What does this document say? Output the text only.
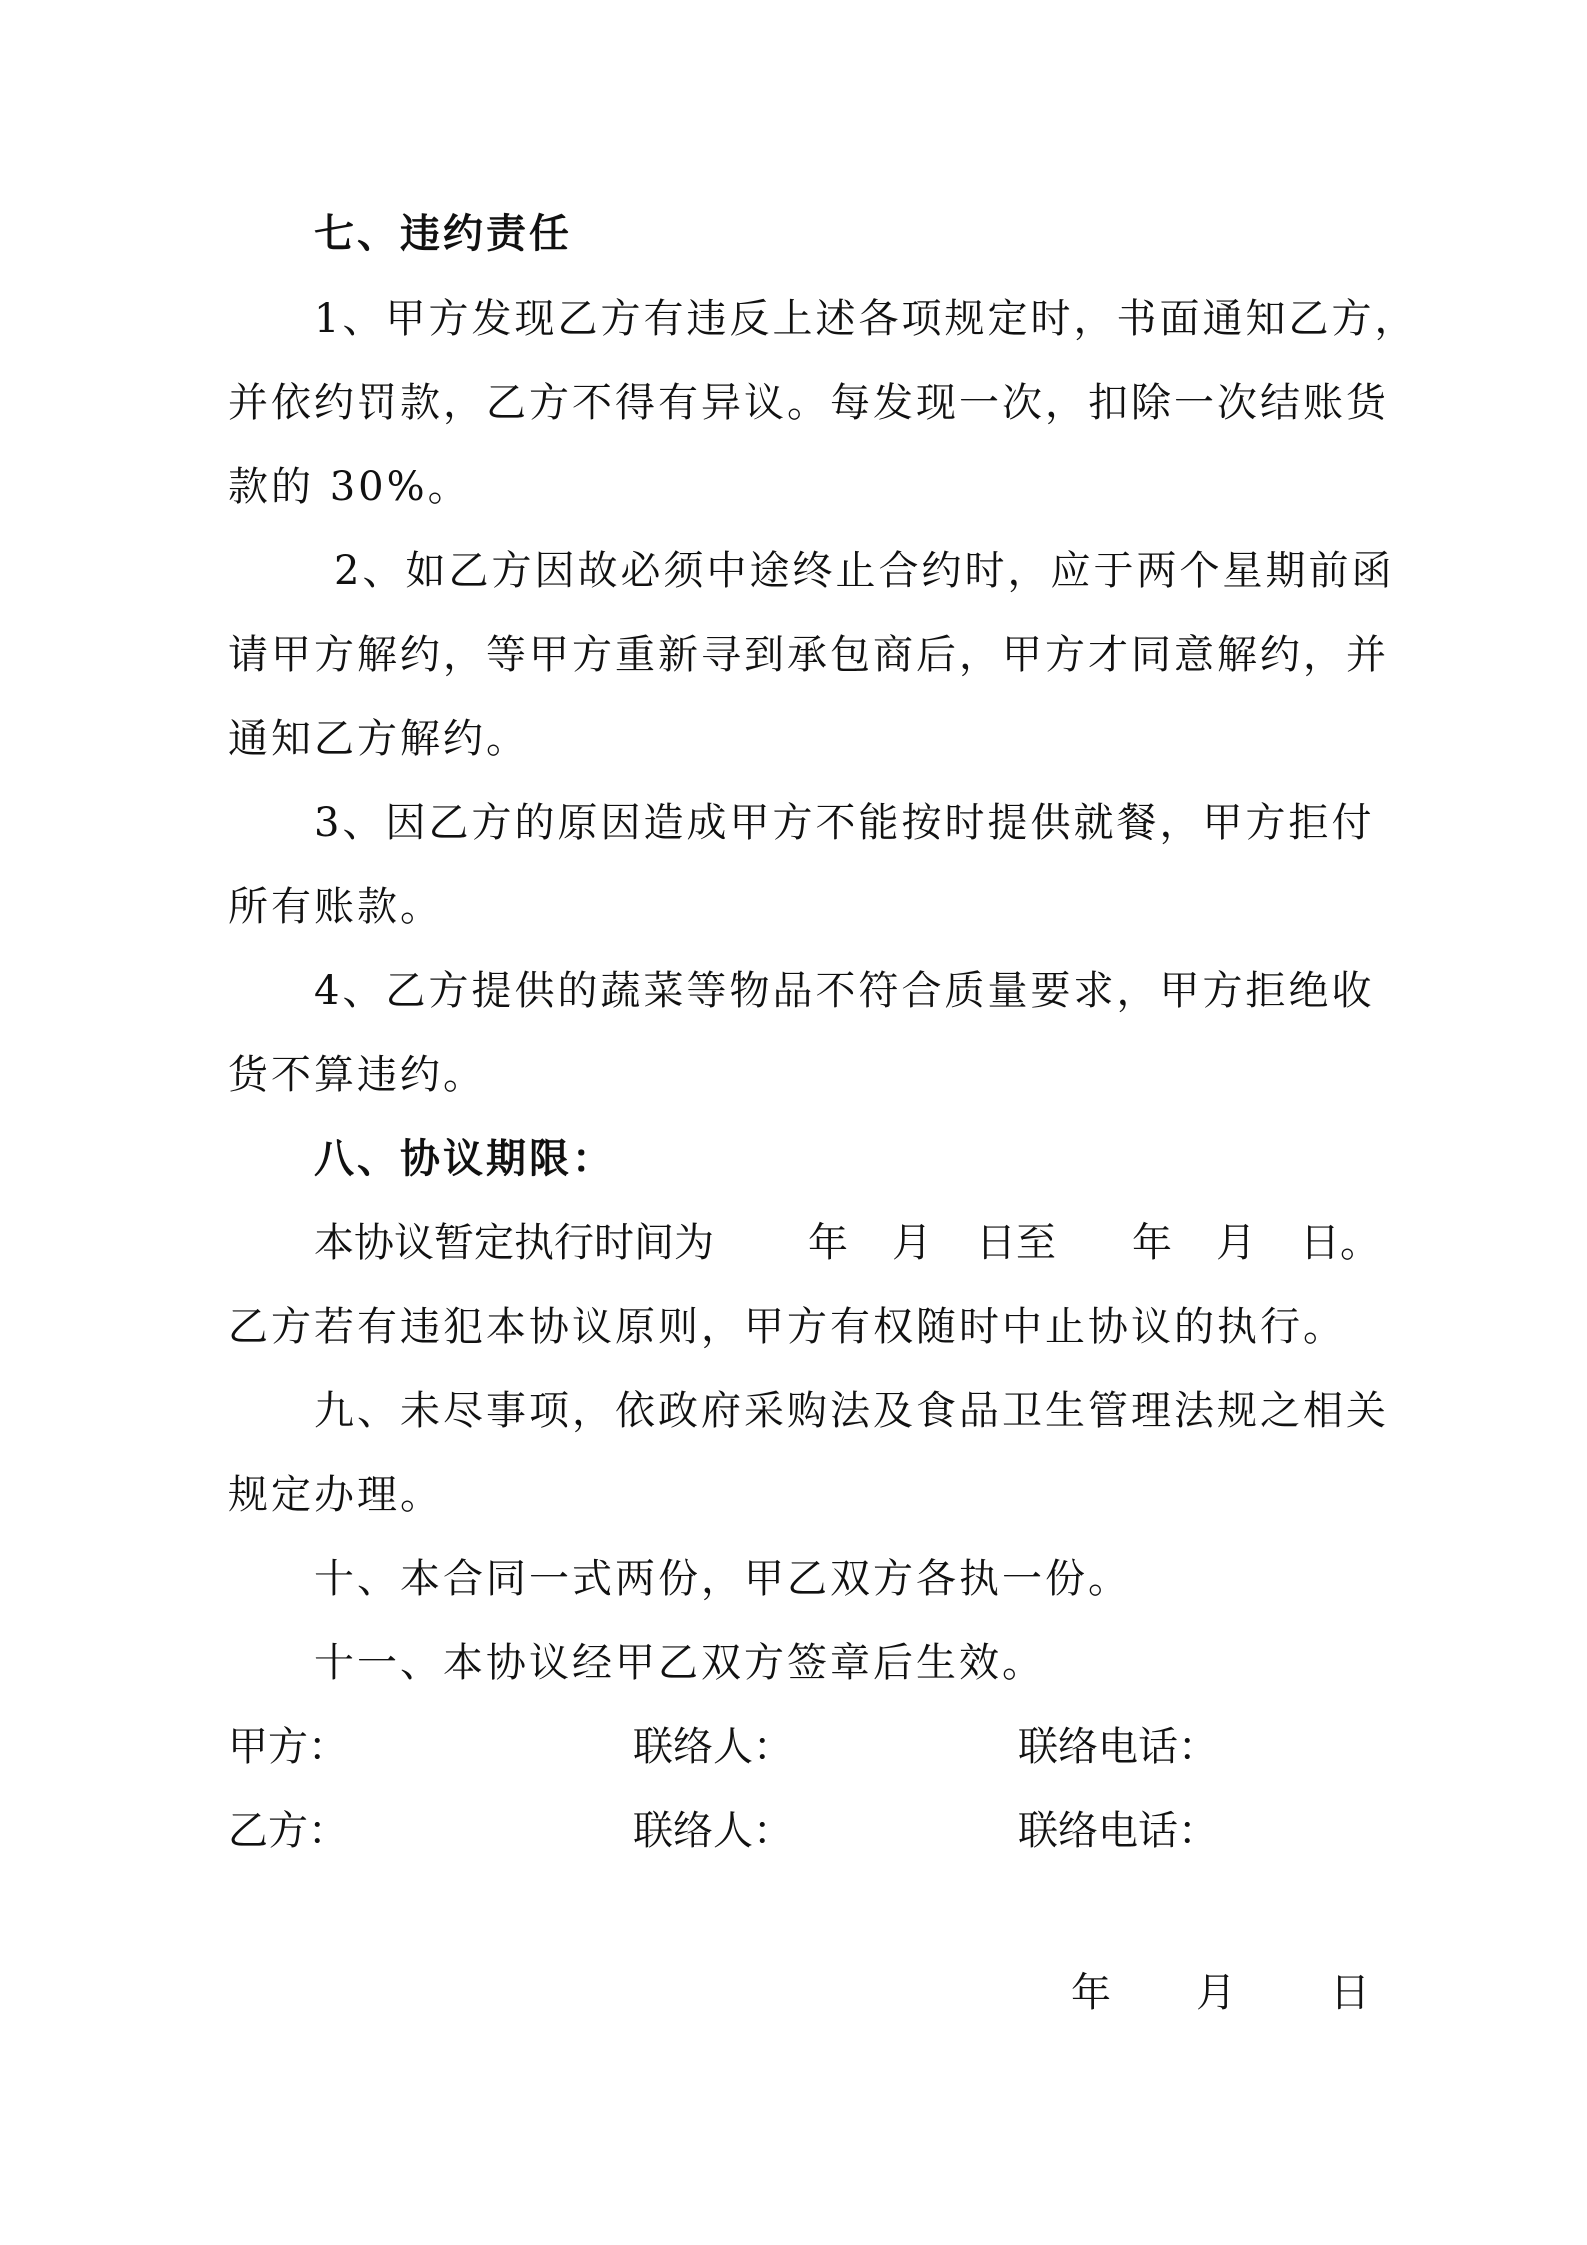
七、违约责任
1、甲方发现乙方有违反上述各项规定时，书面通知乙方，
并依约罚款，乙方不得有异议。每发现一次，扣除一次结账货
款的 30%。
2、如乙方因故必须中途终止合约时，应于两个星期前函
请甲方解约，等甲方重新寻到承包商后，甲方才同意解约，并
通知乙方解约。
3、因乙方的原因造成甲方不能按时提供就餐，甲方拒付
所有账款。
4、乙方提供的蔬菜等物品不符合质量要求，甲方拒绝收
货不算违约。
八、协议期限：
本协议暂定执行时间为 年 月 日至 年 月 日。
乙方若有违犯本协议原则，甲方有权随时中止协议的执行。
九、未尽事项，依政府采购法及食品卫生管理法规之相关
规定办理。
十、本合同一式两份，甲乙双方各执一份。
十一、本协议经甲乙双方签章后生效。
甲方：	联络人：	联络电话：
乙方：	联络人：	联络电话：
年 月 日
